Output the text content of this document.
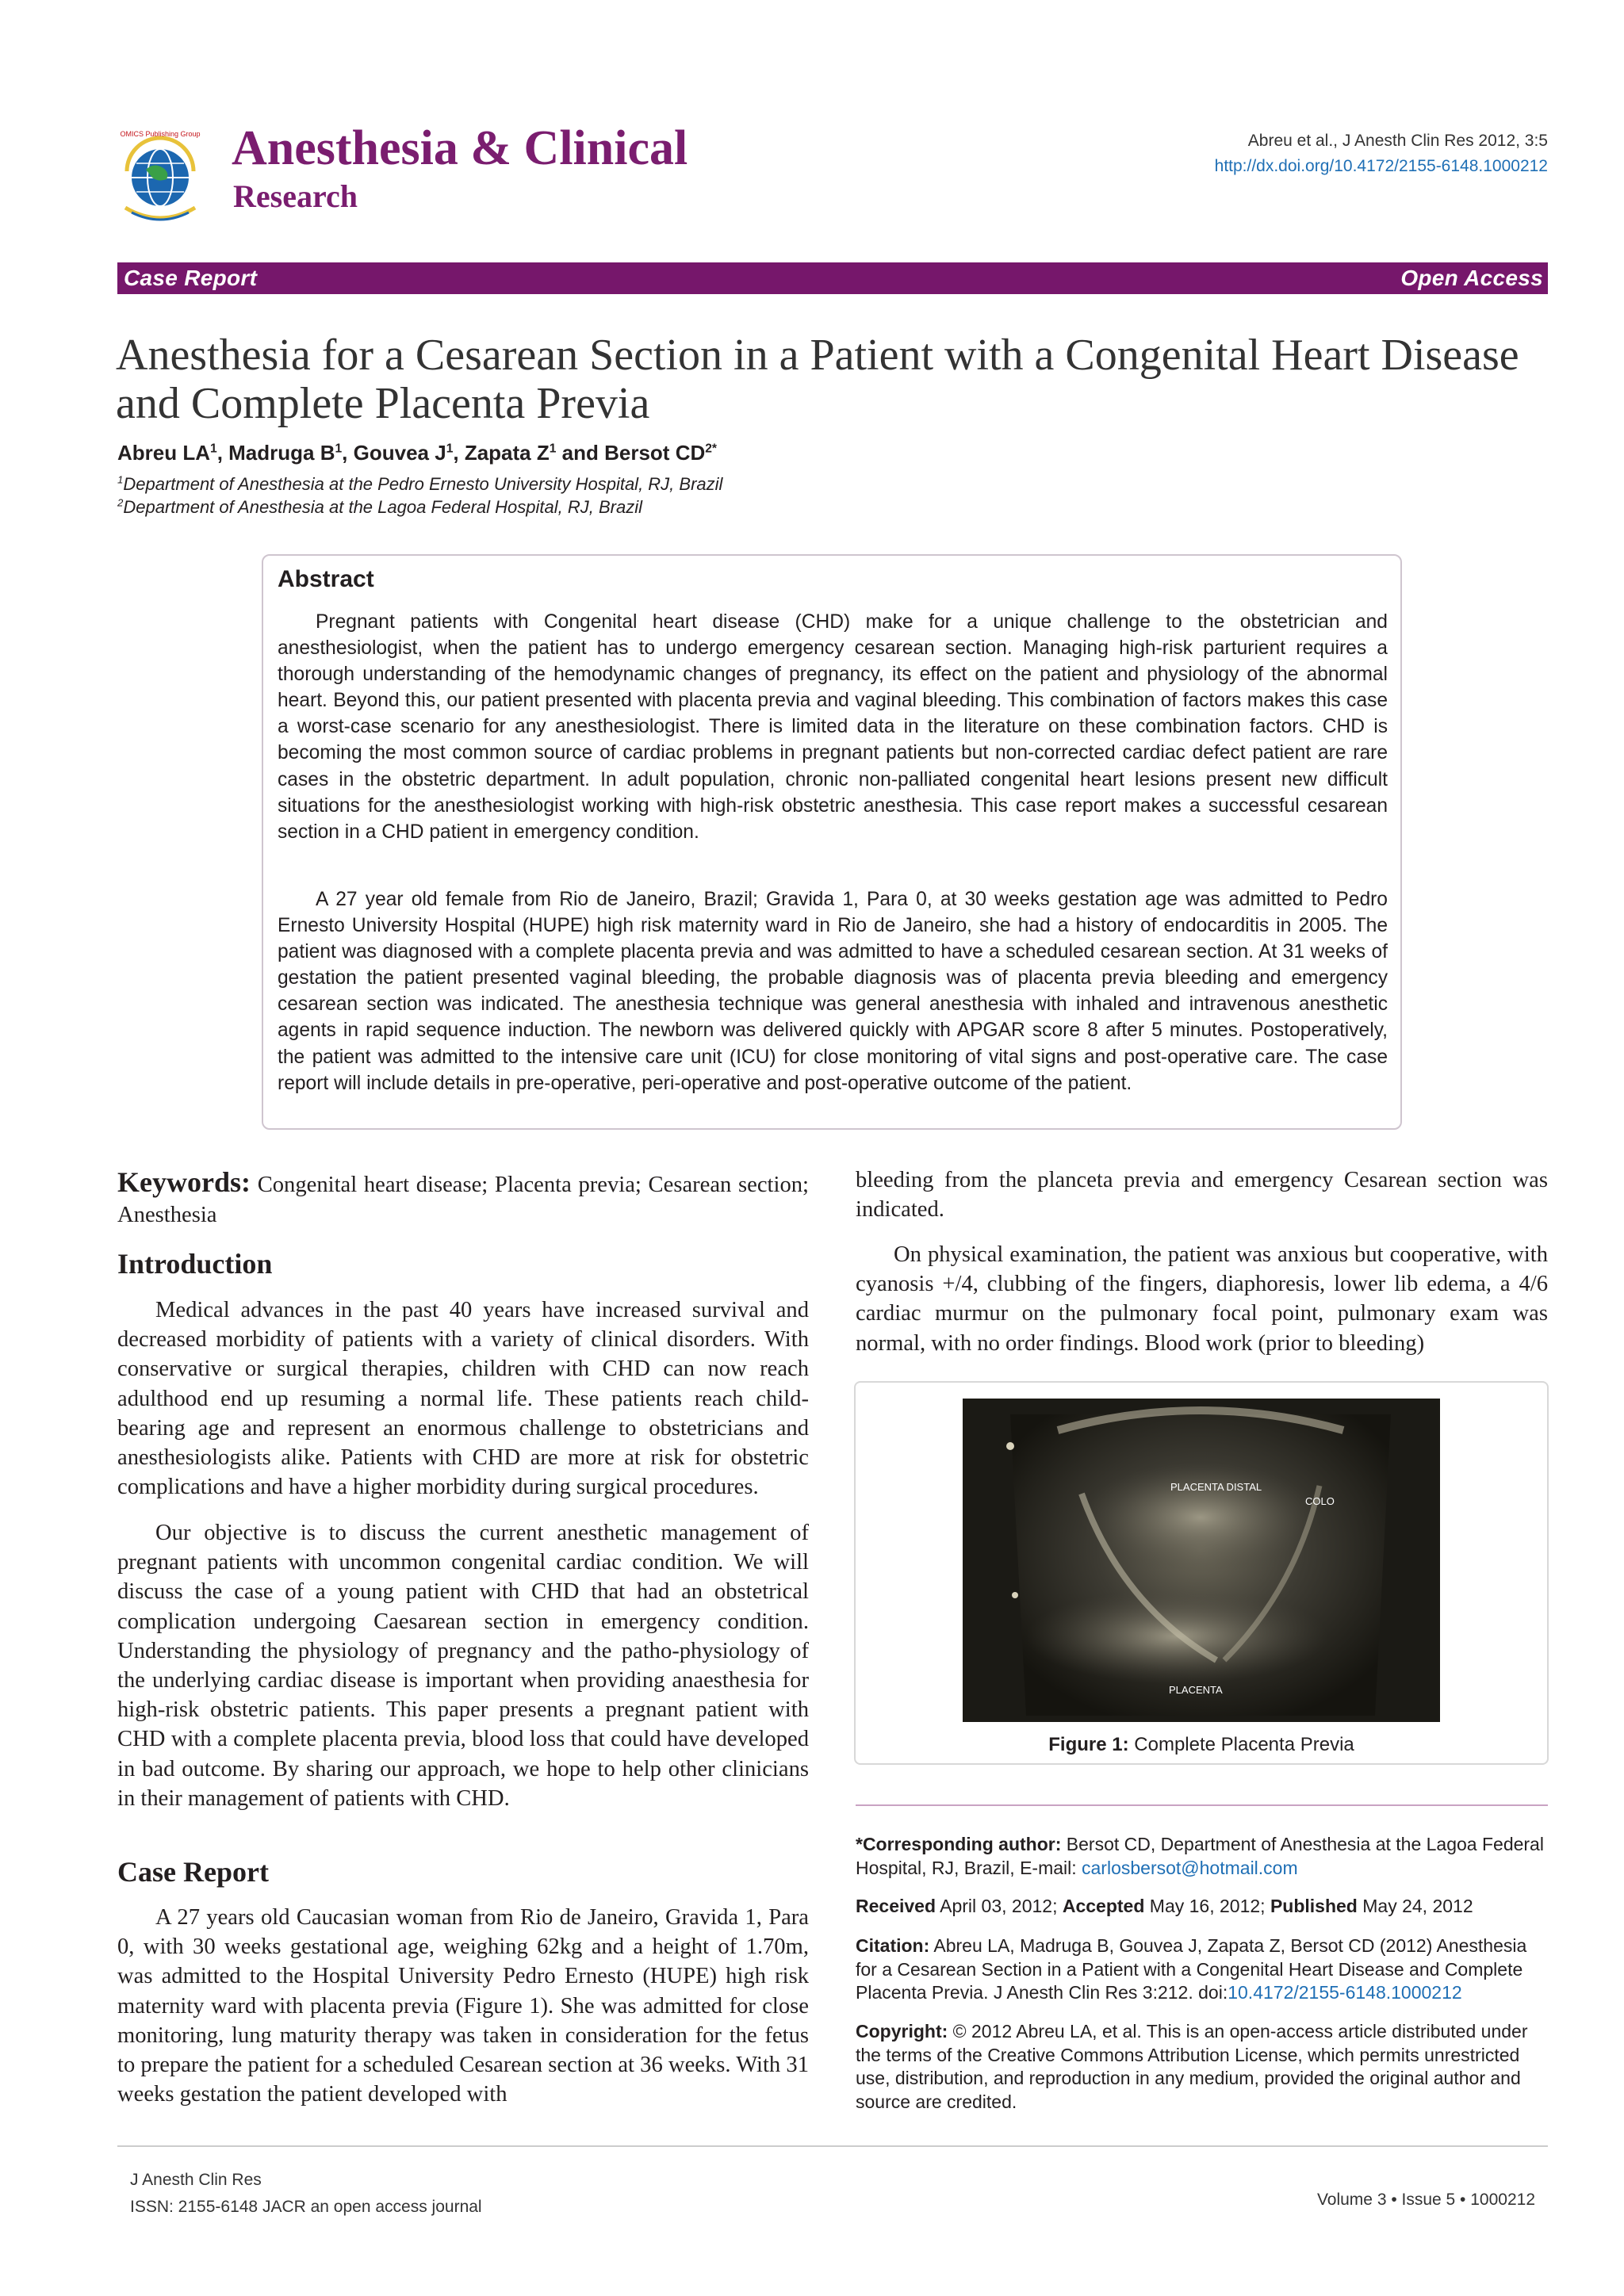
OMICS Publishing Group Anesthesia & Clinical
Research
Abreu et al., J Anesth Clin Res 2012, 3:5
http://dx.doi.org/10.4172/2155-6148.1000212
Case Report	Open Access
Anesthesia for a Cesarean Section in a Patient with a Congenital Heart Disease and Complete Placenta Previa
Abreu $LA^1$, Madruga $B^1$, Gouvea $J^1$, Zapata $Z^1$ and Bersot $CD^{2*}$
$^1$Department of Anesthesia at the Pedro Ernesto University Hospital, RJ, Brazil
$^2$Department of Anesthesia at the Lagoa Federal Hospital, RJ, Brazil
Abstract

Pregnant patients with Congenital heart disease (CHD) make for a unique challenge to the obstetrician and anesthesiologist, when the patient has to undergo emergency cesarean section. Managing high-risk parturient requires a thorough understanding of the hemodynamic changes of pregnancy, its effect on the patient and physiology of the abnormal heart. Beyond this, our patient presented with placenta previa and vaginal bleeding. This combination of factors makes this case a worst-case scenario for any anesthesiologist. There is limited data in the literature on these combination factors. CHD is becoming the most common source of cardiac problems in pregnant patients but non-corrected cardiac defect patient are rare cases in the obstetric department. In adult population, chronic non-palliated congenital heart lesions present new difficult situations for the anesthesiologist working with high-risk obstetric anesthesia. This case report makes a successful cesarean section in a CHD patient in emergency condition.

A 27 year old female from Rio de Janeiro, Brazil; Gravida 1, Para 0, at 30 weeks gestation age was admitted to Pedro Ernesto University Hospital (HUPE) high risk maternity ward in Rio de Janeiro, she had a history of endocarditis in 2005. The patient was diagnosed with a complete placenta previa and was admitted to have a scheduled cesarean section. At 31 weeks of gestation the patient presented vaginal bleeding, the probable diagnosis was of placenta previa bleeding and emergency cesarean section was indicated. The anesthesia technique was general anesthesia with inhaled and intravenous anesthetic agents in rapid sequence induction. The newborn was delivered quickly with APGAR score 8 after 5 minutes. Postoperatively, the patient was admitted to the intensive care unit (ICU) for close monitoring of vital signs and post-operative care. The case report will include details in pre-operative, peri-operative and post-operative outcome of the patient.

Keywords: Congenital heart disease; Placenta previa; Cesarean section; Anesthesia

Introduction

Medical advances in the past 40 years have increased survival and decreased morbidity of patients with a variety of clinical disorders. With conservative or surgical therapies, children with CHD can now reach adulthood end up resuming a normal life. These patients reach child-bearing age and represent an enormous challenge to obstetricians and anesthesiologists alike. Patients with CHD are more at risk for obstetric complications and have a higher morbidity during surgical procedures.

Our objective is to discuss the current anesthetic management of pregnant patients with uncommon congenital cardiac condition. We will discuss the case of a young patient with CHD that had an obstetrical complication undergoing Caesarean section in emergency condition. Understanding the physiology of pregnancy and the patho-physiology of the underlying cardiac disease is important when providing anaesthesia for high-risk obstetric patients. This paper presents a pregnant patient with CHD with a complete placenta previa, blood loss that could have developed in bad outcome. By sharing our approach, we hope to help other clinicians in their management of patients with CHD.

Case Report

A 27 years old Caucasian woman from Rio de Janeiro, Gravida 1, Para 0, with 30 weeks gestational age, weighing 62kg and a height of 1.70m, was admitted to the Hospital University Pedro Ernesto (HUPE) high risk maternity ward with placenta previa (Figure 1). She was admitted for close monitoring, lung maturity therapy was taken in consideration for the fetus to prepare the patient for a scheduled Cesarean section at 36 weeks. With 31 weeks gestation the patient developed with

bleeding from the planceta previa and emergency Cesarean section was indicated.

On physical examination, the patient was anxious but cooperative, with cyanosis +/4, clubbing of the fingers, diaphoresis, lower lib edema, a 4/6 cardiac murmur on the pulmonary focal point, pulmonary exam was normal, with no order findings. Blood work (prior to bleeding)

PLACENTA DISTAL
COLO
PLACENTA
Figure 1: Complete Placenta Previa

*Corresponding author: Bersot CD, Department of Anesthesia at the Lagoa Federal Hospital, RJ, Brazil, E-mail: carlosbersot@hotmail.com

Received April 03, 2012; Accepted May 16, 2012; Published May 24, 2012

Citation: Abreu LA, Madruga B, Gouvea J, Zapata Z, Bersot CD (2012) Anesthesia for a Cesarean Section in a Patient with a Congenital Heart Disease and Complete Placenta Previa. J Anesth Clin Res 3:212. doi:10.4172/2155-6148.1000212

Copyright: © 2012 Abreu LA, et al. This is an open-access article distributed under the terms of the Creative Commons Attribution License, which permits unrestricted use, distribution, and reproduction in any medium, provided the original author and source are credited.

J Anesth Clin Res
ISSN: 2155-6148 JACR an open access journal	Volume 3 • Issue 5 • 1000212
